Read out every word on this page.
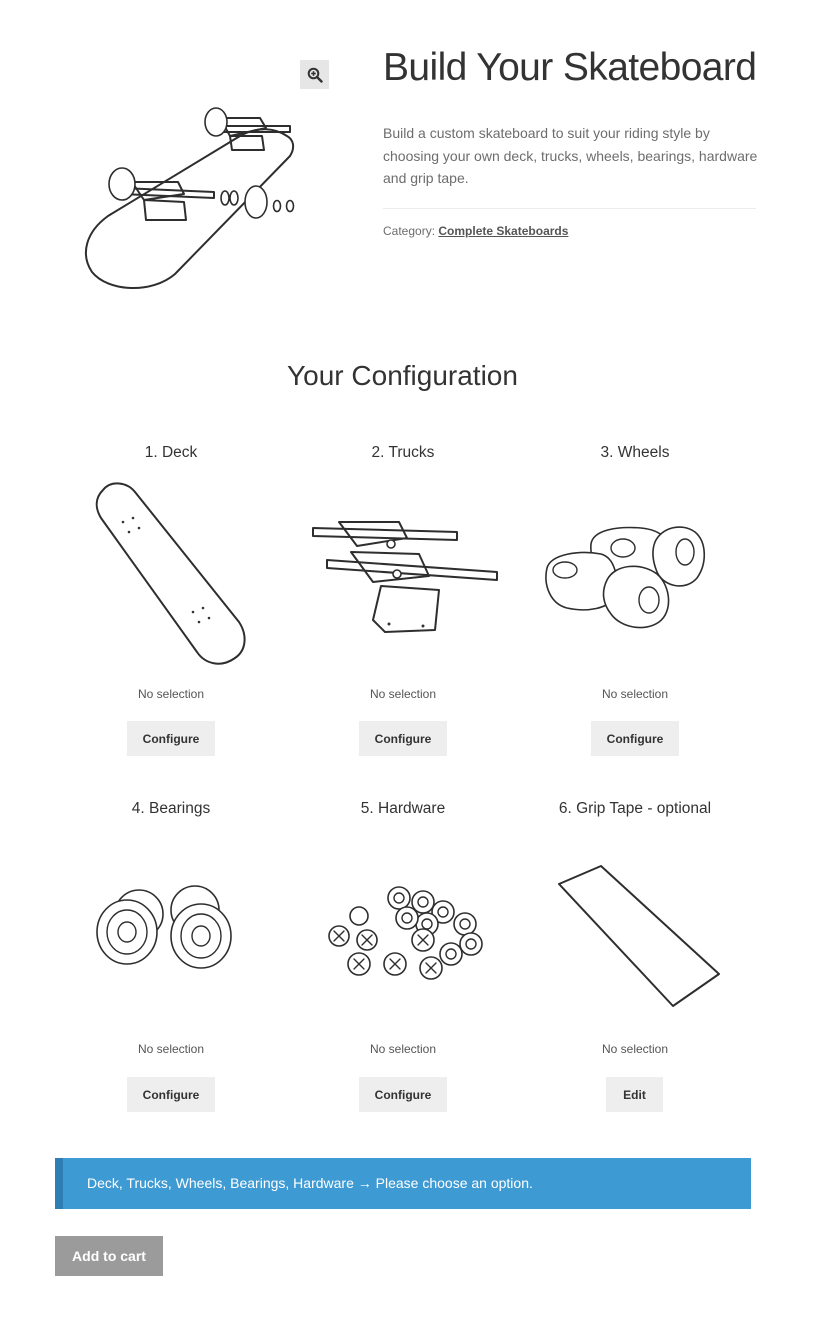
Build Your Skateboard

Build a custom skateboard to suit your riding style by choosing your own deck, trucks, wheels, bearings, hardware and grip tape.

Category: Complete Skateboards
Your Configuration
1. Deck
No selection
Configure
2. Trucks
No selection
Configure
3. Wheels
No selection
Configure
4. Bearings
No selection
Configure
5. Hardware
No selection
Configure
6. Grip Tape - optional
No selection
Edit
Deck, Trucks, Wheels, Bearings, Hardware → Please choose an option.
Add to cart
